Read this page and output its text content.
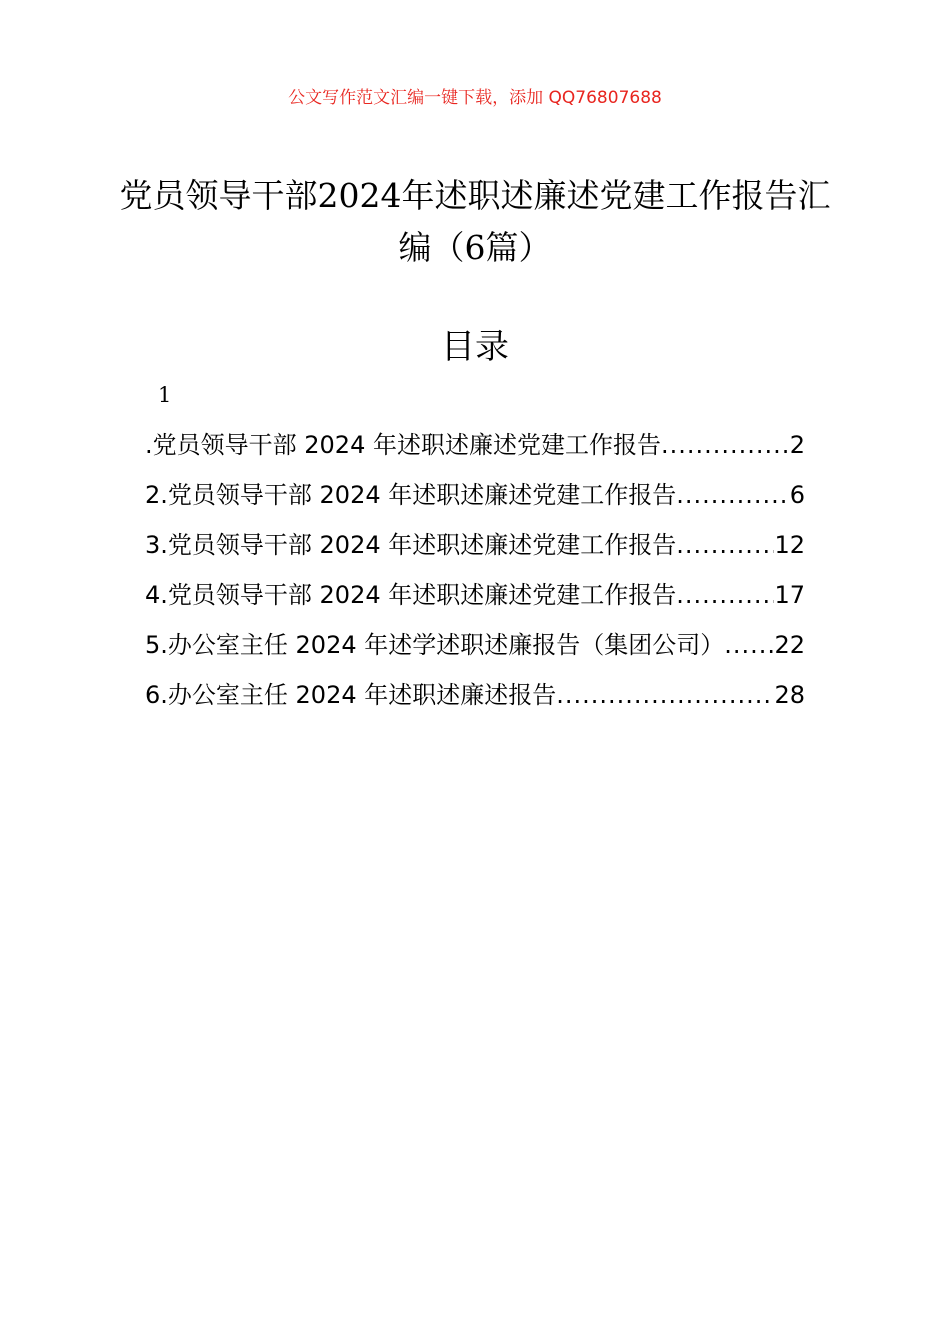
公文写作范文汇编一键下载，添加 QQ76807688
党员领导干部2024年述职述廉述党建工作报告汇编（6篇）
目录
1
.党员领导干部 2024 年述职述廉述党建工作报告 .....	2
2.党员领导干部 2024 年述职述廉述党建工作报告 .....	6
3.党员领导干部 2024 年述职述廉述党建工作报告 .....	12
4.党员领导干部 2024 年述职述廉述党建工作报告 .....	17
5.办公室主任 2024 年述学述职述廉报告（集团公司） ..... 22
6.办公室主任 2024 年述职述廉述报告 .....	28
